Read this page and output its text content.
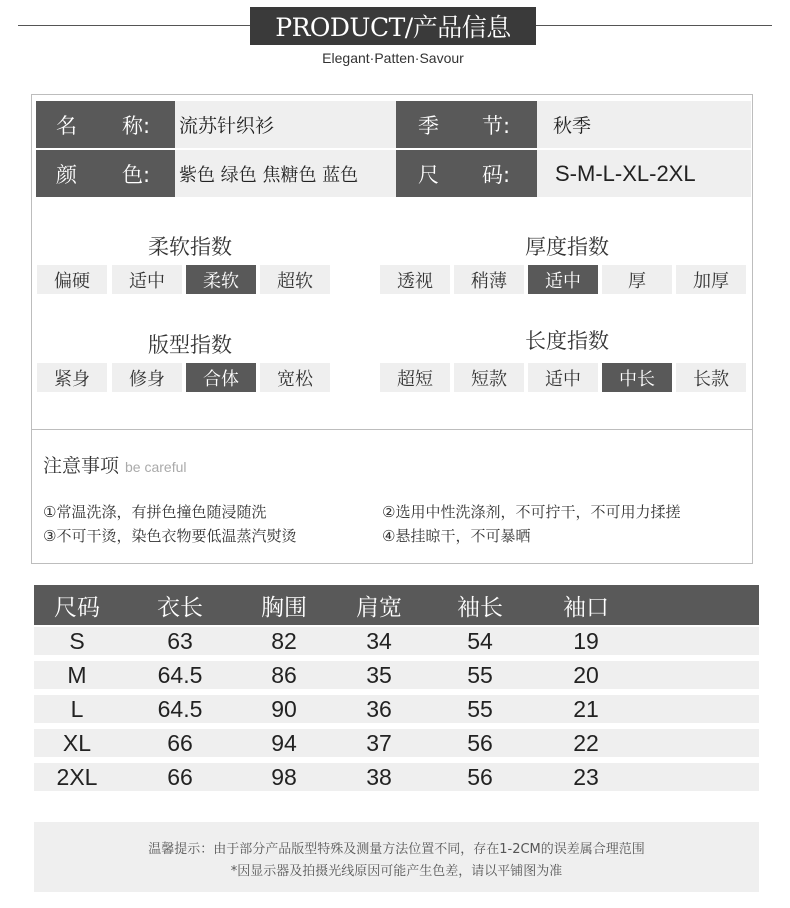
PRODUCT/产品信息
Elegant·Patten·Savour
名 称: 流苏针织衫	季 节:	秋季
颜 色: 紫色 绿色 焦糖色 蓝色	尺 码:	S-M-L-XL-2XL
柔软指数
偏硬	适中	柔软	超软
厚度指数
透视	稍薄	适中	厚	加厚
版型指数
紧身	修身	合体	宽松
长度指数
超短	短款	适中	中长	长款
注意事项 be careful
①常温洗涤，有拼色撞色随浸随洗	②选用中性洗涤剂，不可拧干，不可用力揉搓
③不可干烫，染色衣物要低温蒸汽熨烫	④悬挂晾干，不可暴晒
尺码	衣长	胸围	肩宽	袖长	袖口
S	63	82	34	54	19
M	64.5	86	35	55	20
L	64.5	90	36	55	21
XL	66	94	37	56	22
2XL	66	98	38	56	23
温馨提示：由于部分产品版型特殊及测量方法位置不同，存在1-2CM的误差属合理范围
*因显示器及拍摄光线原因可能产生色差，请以平铺图为准
